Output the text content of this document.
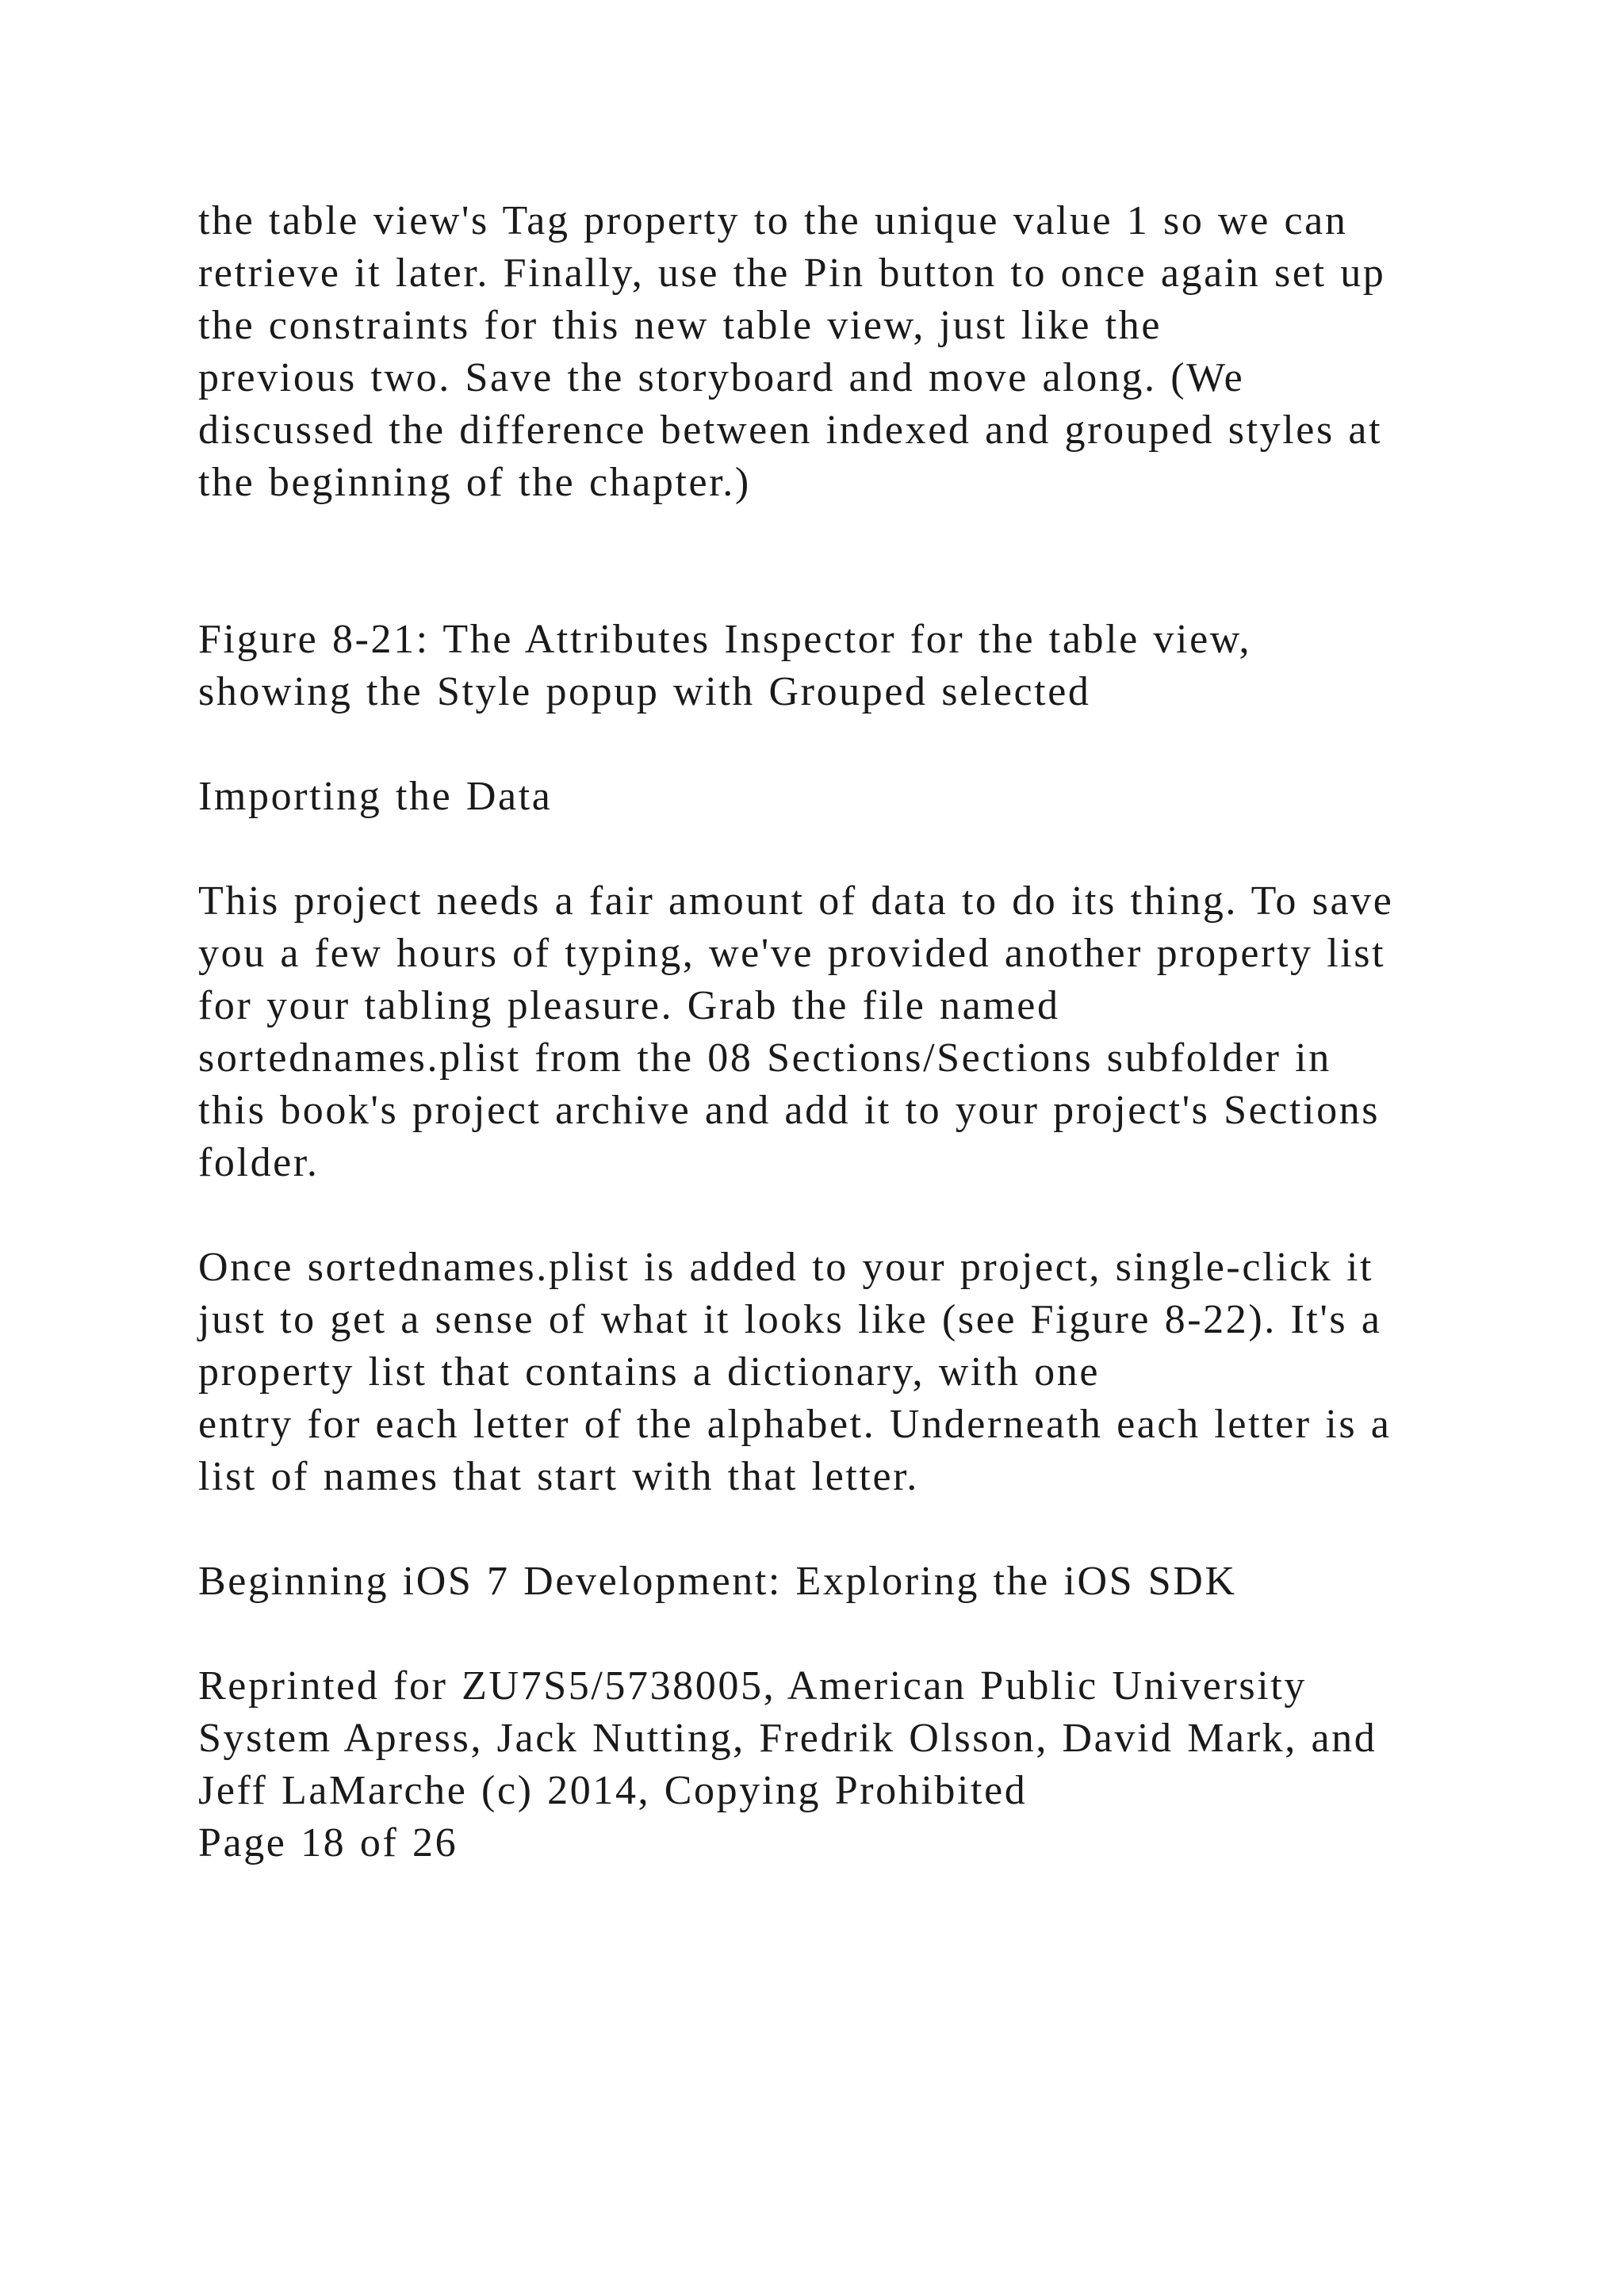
the table view's Tag property to the unique value 1 so we can
retrieve it later. Finally, use the Pin button to once again set up
the constraints for this new table view, just like the
previous two. Save the storyboard and move along. (We
discussed the difference between indexed and grouped styles at
the beginning of the chapter.)

Figure 8-21: The Attributes Inspector for the table view,
showing the Style popup with Grouped selected

Importing the Data

This project needs a fair amount of data to do its thing. To save
you a few hours of typing, we've provided another property list
for your tabling pleasure. Grab the file named
sortednames.plist from the 08 Sections/Sections subfolder in
this book's project archive and add it to your project's Sections
folder.

Once sortednames.plist is added to your project, single-click it
just to get a sense of what it looks like (see Figure 8-22). It's a
property list that contains a dictionary, with one
entry for each letter of the alphabet. Underneath each letter is a
list of names that start with that letter.

Beginning iOS 7 Development: Exploring the iOS SDK

Reprinted for ZU7S5/5738005, American Public University
System Apress, Jack Nutting, Fredrik Olsson, David Mark, and
Jeff LaMarche (c) 2014, Copying Prohibited
Page 18 of 26
